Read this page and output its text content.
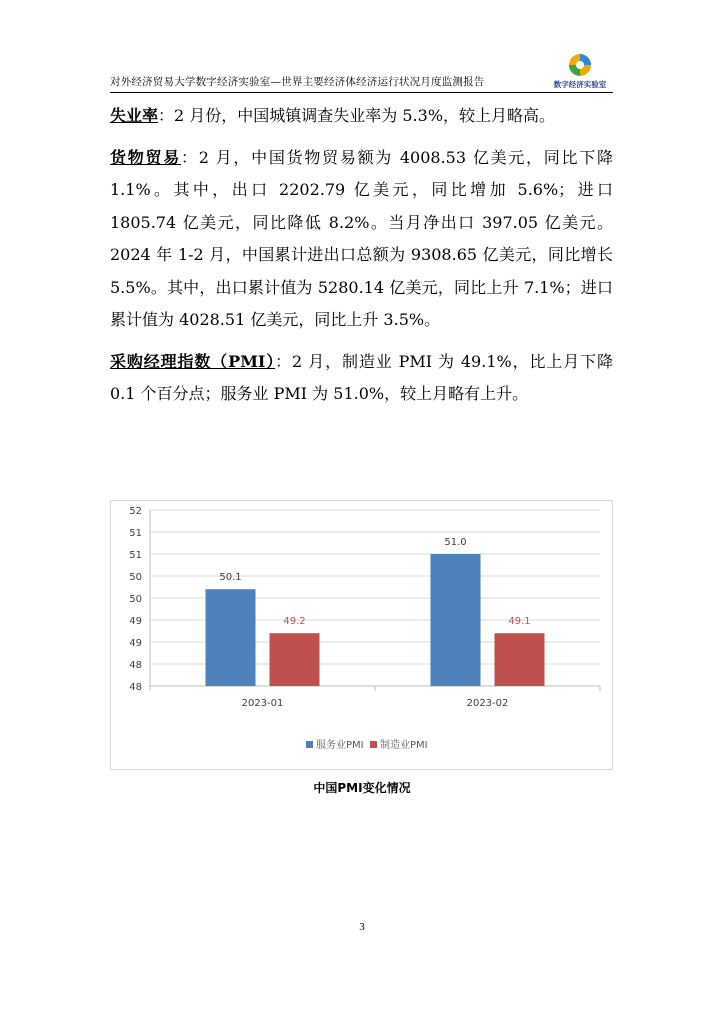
对外经济贸易大学数字经济实验室—世界主要经济体经济运行状况月度监测报告	数字经济实验室

失业率：2 月份，中国城镇调查失业率为 5.3%，较上月略高。

货物贸易：2 月，中国货物贸易额为 4008.53 亿美元，同比下降 1.1%。其中，出口 2202.79 亿美元，同比增加 5.6%；进口 1805.74 亿美元，同比降低 8.2%。当月净出口 397.05 亿美元。2024 年 1-2 月，中国累计进出口总额为 9308.65 亿美元，同比增长 5.5%。其中，出口累计值为 5280.14 亿美元，同比上升 7.1%；进口累计值为 4028.51 亿美元，同比上升 3.5%。

采购经理指数（PMI）：2 月，制造业 PMI 为 49.1%，比上月下降 0.1 个百分点；服务业 PMI 为 51.0%，较上月略有上升。

52
51
51
50
50
49
49
48
48
50.1
49.2
2023-01
51.0
49.1
2023-02
服务业PMI 制造业PMI
中国PMI变化情况
3
